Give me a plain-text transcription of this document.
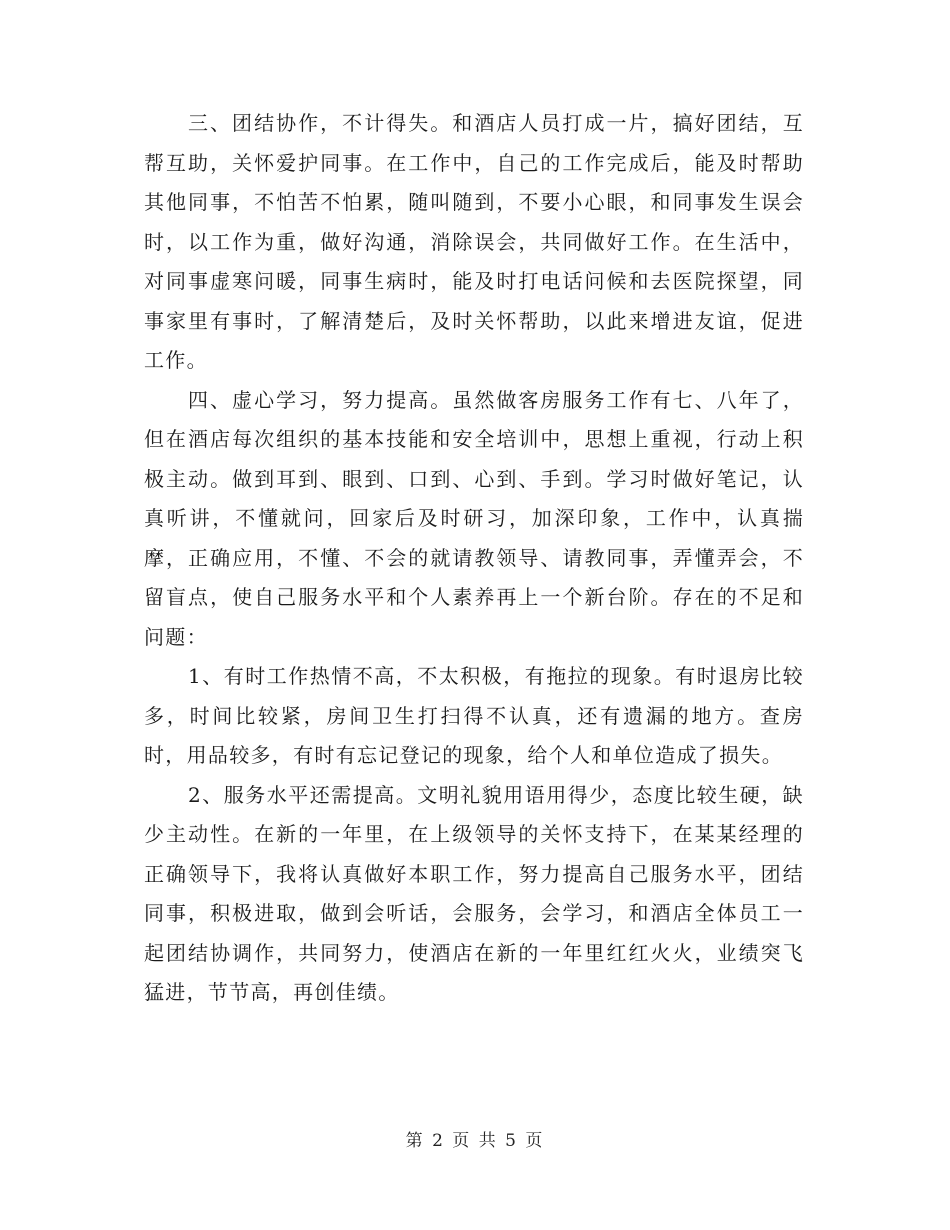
三、团结协作，不计得失。和酒店人员打成一片，搞好团结，互帮互助，关怀爱护同事。在工作中，自己的工作完成后，能及时帮助其他同事，不怕苦不怕累，随叫随到，不要小心眼，和同事发生误会时，以工作为重，做好沟通，消除误会，共同做好工作。在生活中，对同事虚寒问暖，同事生病时，能及时打电话问候和去医院探望，同事家里有事时，了解清楚后，及时关怀帮助，以此来增进友谊，促进工作。

四、虚心学习，努力提高。虽然做客房服务工作有七、八年了，但在酒店每次组织的基本技能和安全培训中，思想上重视，行动上积极主动。做到耳到、眼到、口到、心到、手到。学习时做好笔记，认真听讲，不懂就问，回家后及时研习，加深印象，工作中，认真揣摩，正确应用，不懂、不会的就请教领导、请教同事，弄懂弄会，不留盲点，使自己服务水平和个人素养再上一个新台阶。存在的不足和问题：

1、有时工作热情不高，不太积极，有拖拉的现象。有时退房比较多，时间比较紧，房间卫生打扫得不认真，还有遗漏的地方。查房时，用品较多，有时有忘记登记的现象，给个人和单位造成了损失。

2、服务水平还需提高。文明礼貌用语用得少，态度比较生硬，缺少主动性。在新的一年里，在上级领导的关怀支持下，在某某经理的正确领导下，我将认真做好本职工作，努力提高自己服务水平，团结同事，积极进取，做到会听话，会服务，会学习，和酒店全体员工一起团结协调作，共同努力，使酒店在新的一年里红红火火，业绩突飞猛进，节节高，再创佳绩。

第 2 页 共 5 页
